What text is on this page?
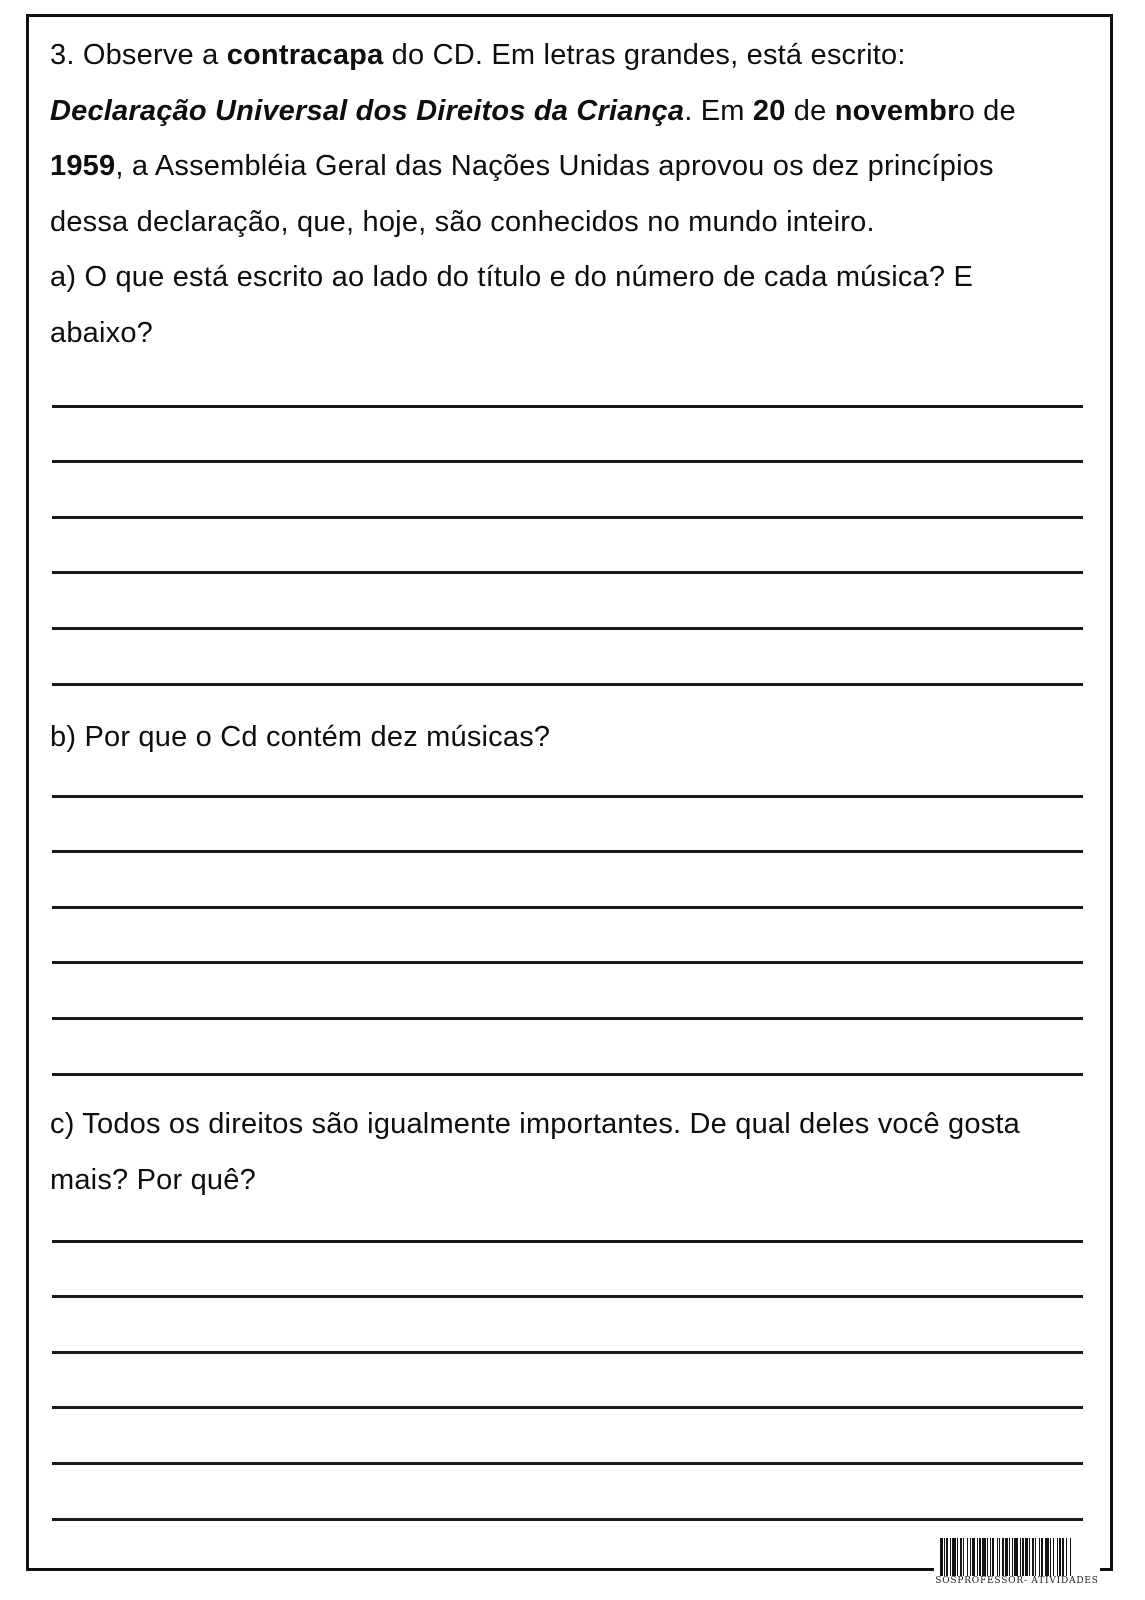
3. Observe a contracapa do CD. Em letras grandes, está escrito:
Declaração Universal dos Direitos da Criança. Em 20 de novembro de
1959, a Assembléia Geral das Nações Unidas aprovou os dez princípios
dessa declaração, que, hoje, são conhecidos no mundo inteiro.
a) O que está escrito ao lado do título e do número de cada música? E
abaixo?
b) Por que o Cd contém dez músicas?
c) Todos os direitos são igualmente importantes. De qual deles você gosta
mais? Por quê?
SOSPROFESSOR- ATIVIDADES
